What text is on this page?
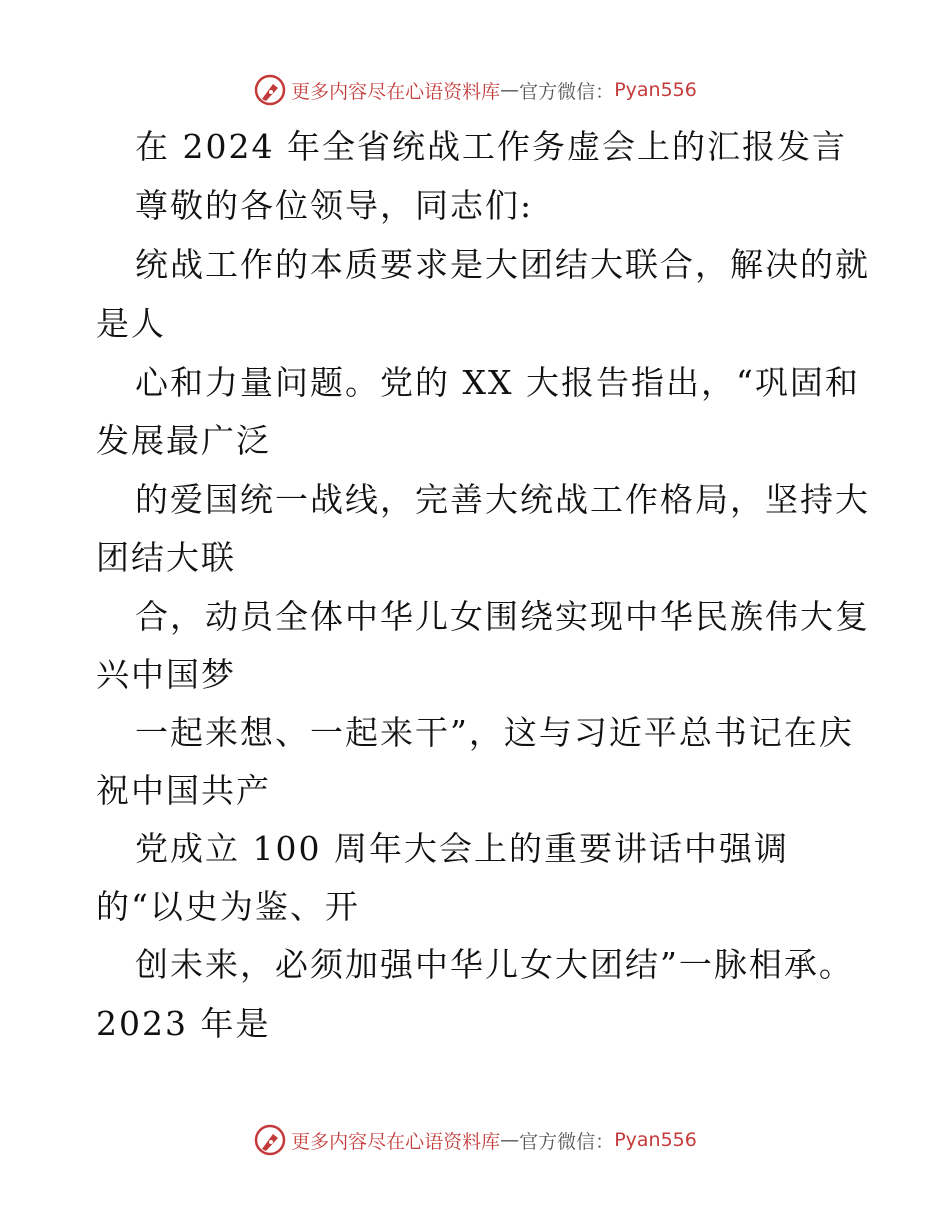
更多内容尽在心语资料库 — 官方微信： Pyan556

在 2024 年全省统战工作务虚会上的汇报发言

尊敬的各位领导，同志们:

统战工作的本质要求是大团结大联合，解决的就

是人

心和力量问题。党的 XX 大报告指出，“巩固和

发展最广泛

的爱国统一战线，完善大统战工作格局，坚持大

团结大联

合，动员全体中华儿女围绕实现中华民族伟大复

兴中国梦

一起来想、一起来干”，这与习近平总书记在庆

祝中国共产

党成立 100 周年大会上的重要讲话中强调

的“以史为鉴、开

创未来，必须加强中华儿女大团结”一脉相承。

2023 年是

更多内容尽在心语资料库 — 官方微信： Pyan556
